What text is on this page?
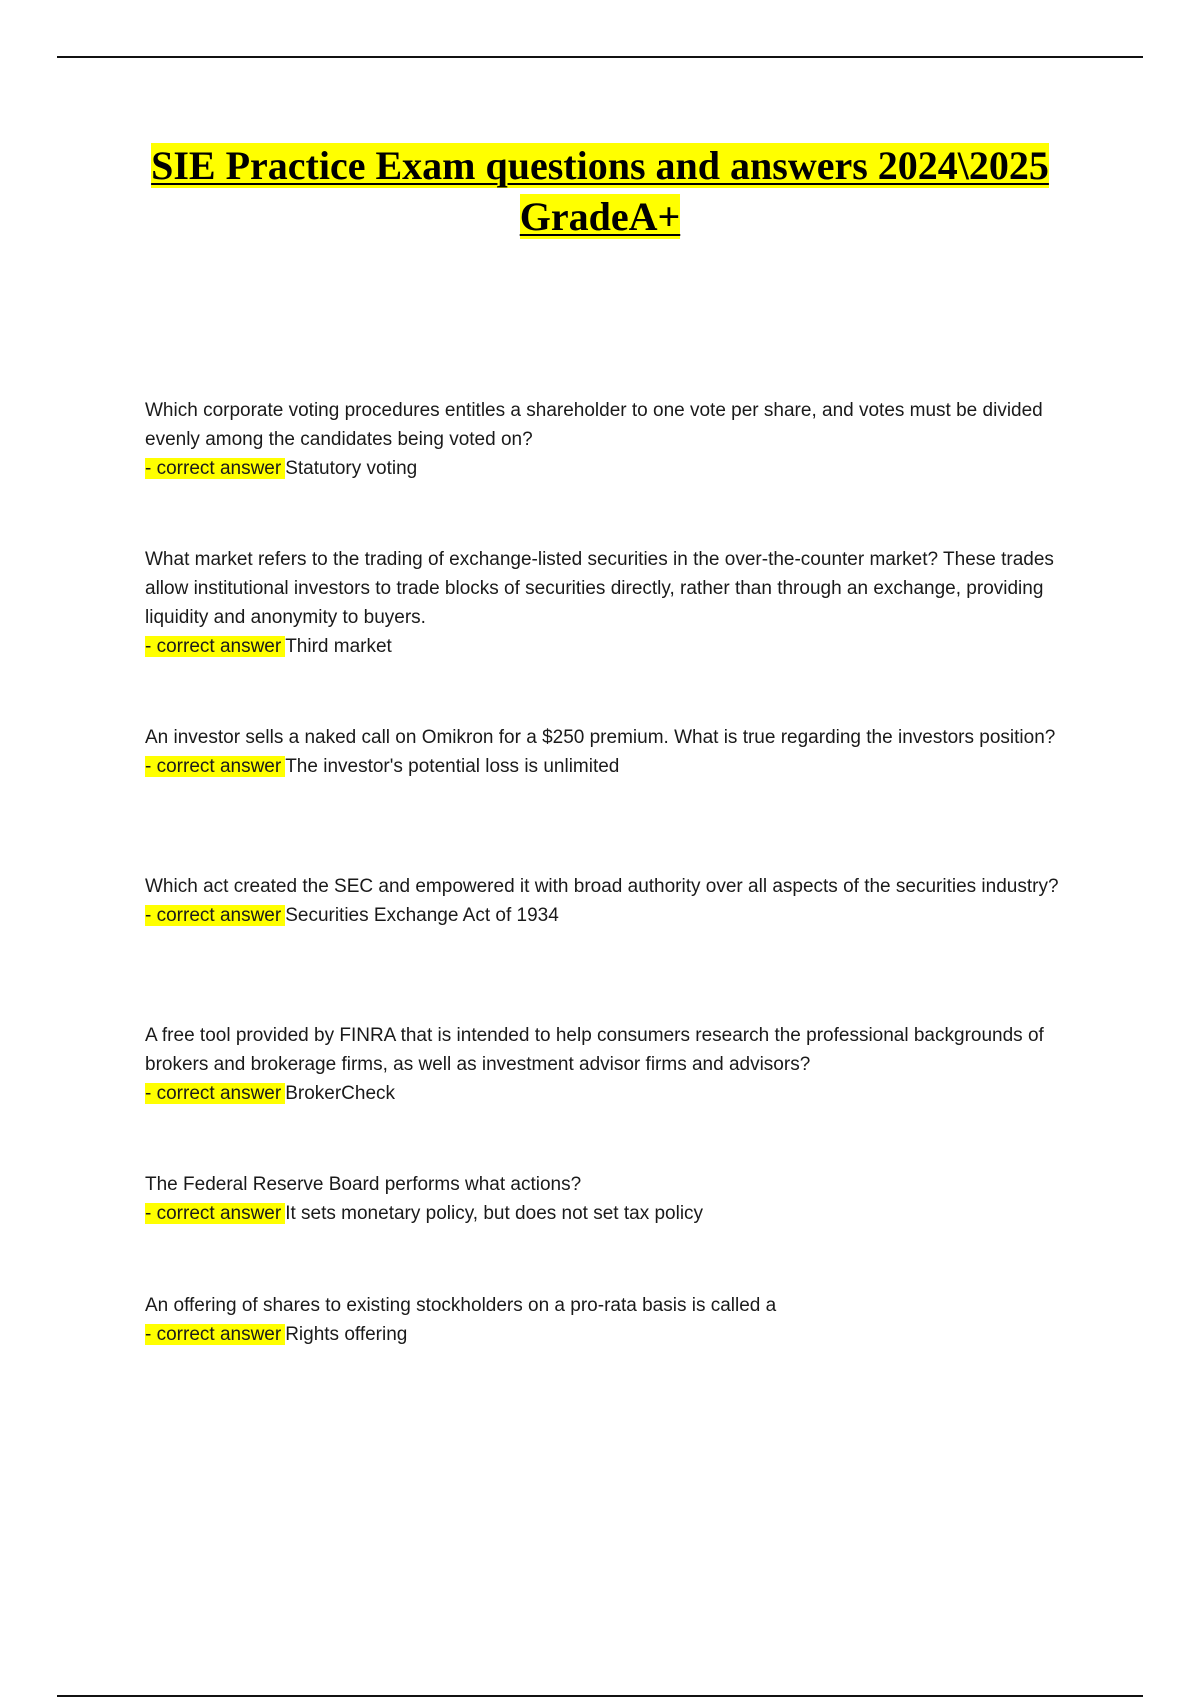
SIE Practice Exam questions and answers 2024\2025
GradeA+

Which corporate voting procedures entitles a shareholder to one vote per share, and votes must be divided evenly among the candidates being voted on?

- correct answer Statutory voting

What market refers to the trading of exchange-listed securities in the over-the-counter market? These trades allow institutional investors to trade blocks of securities directly, rather than through an exchange, providing liquidity and anonymity to buyers.

- correct answer Third market

An investor sells a naked call on Omikron for a $250 premium. What is true regarding the investors position?

- correct answer The investor's potential loss is unlimited

Which act created the SEC and empowered it with broad authority over all aspects of the securities industry?

- correct answer Securities Exchange Act of 1934

A free tool provided by FINRA that is intended to help consumers research the professional backgrounds of brokers and brokerage firms, as well as investment advisor firms and advisors?

- correct answer BrokerCheck

The Federal Reserve Board performs what actions?

- correct answer It sets monetary policy, but does not set tax policy

An offering of shares to existing stockholders on a pro-rata basis is called a

- correct answer Rights offering
